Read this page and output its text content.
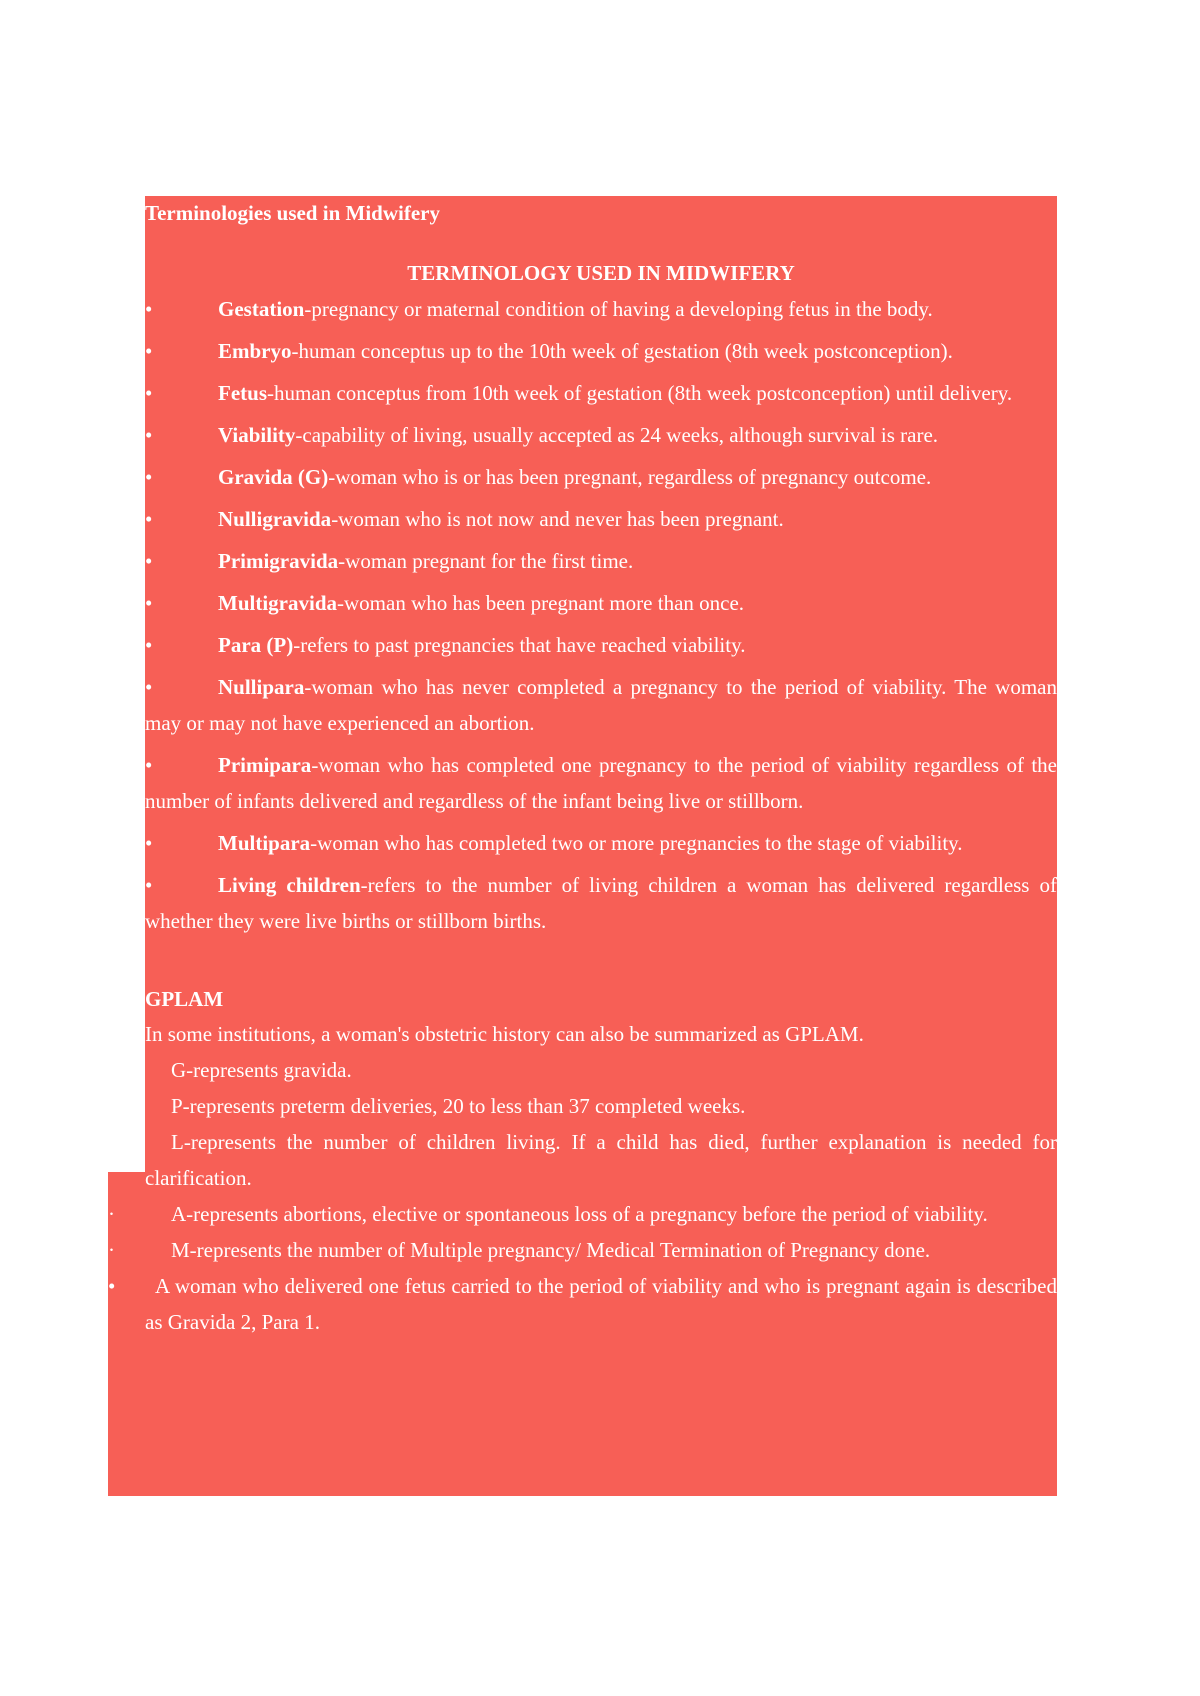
Terminologies used in Midwifery

TERMINOLOGY USED IN MIDWIFERY

•	Gestation-pregnancy or maternal condition of having a developing fetus in the body.
•	Embryo-human conceptus up to the 10th week of gestation (8th week postconception).
•	Fetus-human conceptus from 10th week of gestation (8th week postconception) until delivery.
•	Viability-capability of living, usually accepted as 24 weeks, although survival is rare.
•	Gravida (G)-woman who is or has been pregnant, regardless of pregnancy outcome.
•	Nulligravida-woman who is not now and never has been pregnant.
•	Primigravida-woman pregnant for the first time.
•	Multigravida-woman who has been pregnant more than once.
•	Para (P)-refers to past pregnancies that have reached viability.
•	Nullipara-woman who has never completed a pregnancy to the period of viability. The woman may or may not have experienced an abortion.
•	Primipara-woman who has completed one pregnancy to the period of viability regardless of the number of infants delivered and regardless of the infant being live or stillborn.
•	Multipara-woman who has completed two or more pregnancies to the stage of viability.
•	Living children-refers to the number of living children a woman has delivered regardless of whether they were live births or stillborn births.

GPLAM

In some institutions, a woman's obstetric history can also be summarized as GPLAM.

·	G-represents gravida.
·	P-represents preterm deliveries, 20 to less than 37 completed weeks.
·	L-represents the number of children living. If a child has died, further explanation is needed for clarification.
·	A-represents abortions, elective or spontaneous loss of a pregnancy before the period of viability.
·	M-represents the number of Multiple pregnancy/ Medical Termination of Pregnancy done.
• A woman who delivered one fetus carried to the period of viability and who is pregnant again is described as Gravida 2, Para 1.
